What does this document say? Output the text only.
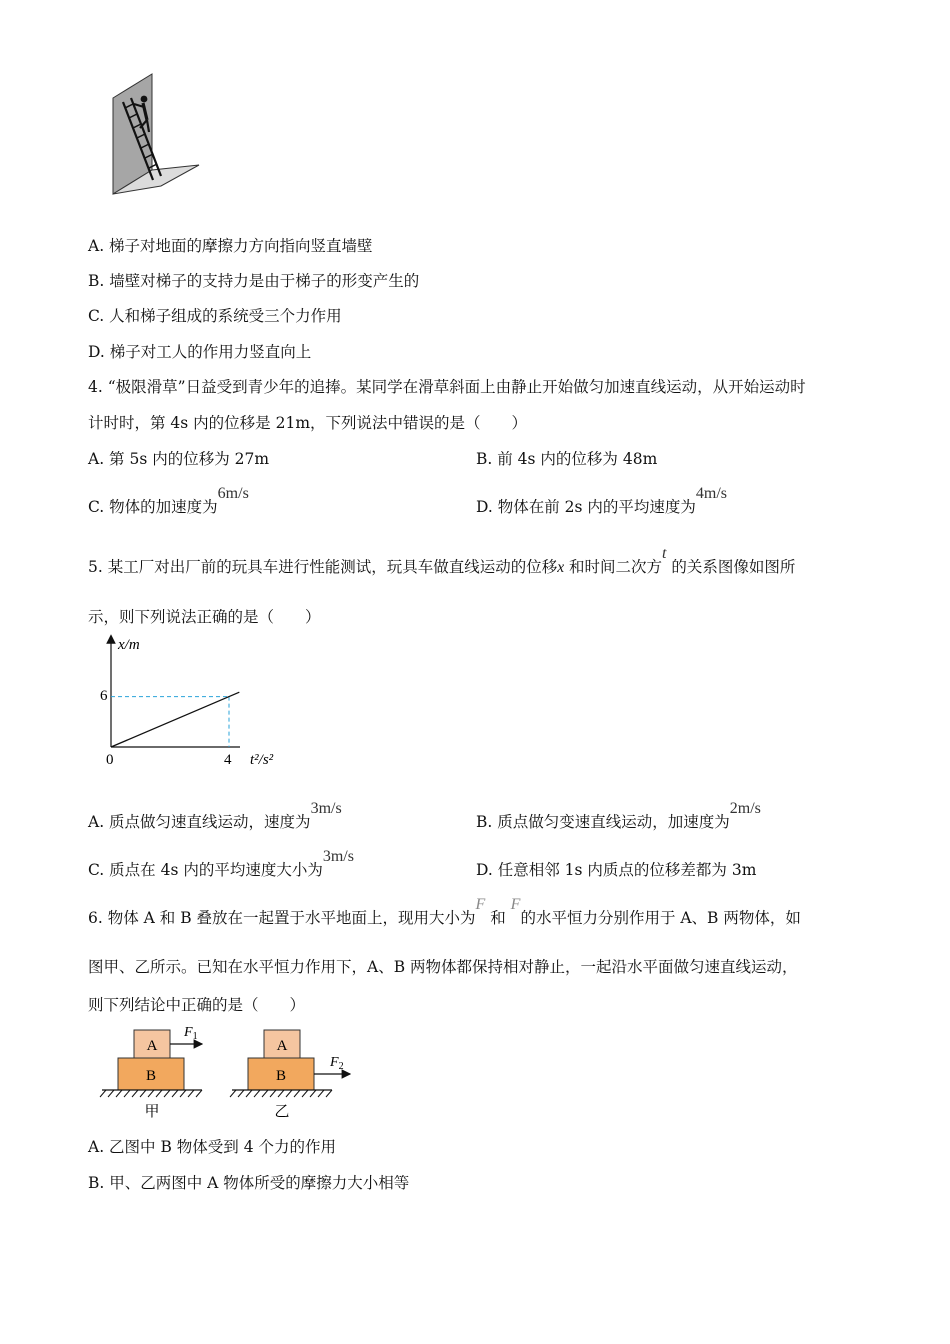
A. 梯子对地面的摩擦力方向指向竖直墙壁
B. 墙壁对梯子的支持力是由于梯子的形变产生的
C. 人和梯子组成的系统受三个力作用
D. 梯子对工人的作用力竖直向上
4. “极限滑草”日益受到青少年的追捧。某同学在滑草斜面上由静止开始做匀加速直线运动，从开始运动时
计时时，第 4s 内的位移是 21m，下列说法中错误的是（　　）
A. 第 5s 内的位移为 27m	B. 前 4s 内的位移为 48m
C. 物体的加速度为6m/s
D. 物体在前 2s 内的平均速度为4m/s
5. 某工厂对出厂前的玩具车进行性能测试，玩具车做直线运动的位移x 和时间二次方t 的关系图像如图所
示，则下列说法正确的是（　　）
x/m
0	4
6
t²/s²
A. 质点做匀速直线运动，速度为3m/s
B. 质点做匀变速直线运动，加速度为2m/s
C. 质点在 4s 内的平均速度大小为3m/s
D. 任意相邻 1s 内质点的位移差都为 3m
6. 物体 A 和 B 叠放在一起置于水平地面上，现用大小为F 和 F的水平恒力分别作用于 A、B 两物体，如
图甲、乙所示。已知在水平恒力作用下，A、B 两物体都保持相对静止，一起沿水平面做匀速直线运动，
则下列结论中正确的是（　　）
A
B
$F_1$
甲
A
B
$F_2$
乙
A. 乙图中 B 物体受到 4 个力的作用
B. 甲、乙两图中 A 物体所受的摩擦力大小相等
